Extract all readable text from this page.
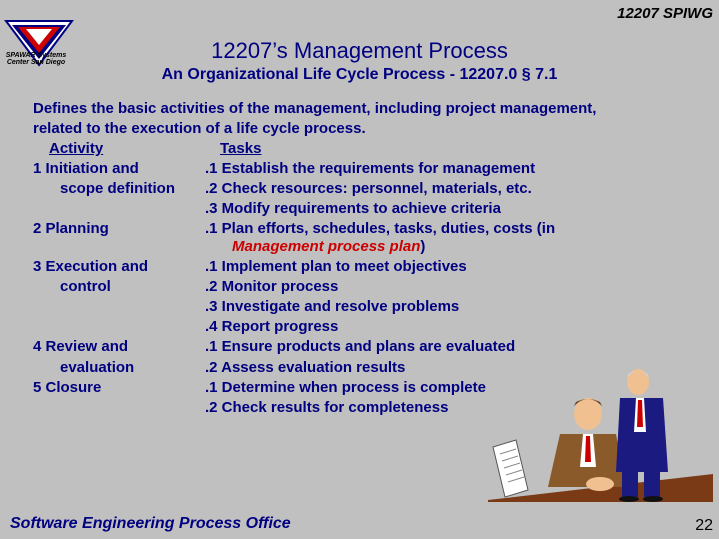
SPAWAR Systems Center San Diego
12207 SPIWG
12207’s Management Process
An Organizational Life Cycle Process - 12207.0 § 7.1
Defines the basic activities of the management, including project management,
related to the execution of a life cycle process.
Activity	Tasks
1 Initiation and	.1 Establish the requirements for management
scope definition .2 Check resources: personnel, materials, etc.
.3 Modify requirements to achieve criteria
2 Planning	.1 Plan efforts, schedules, tasks, duties, costs (in
Management process plan)
3 Execution and	.1 Implement plan to meet objectives
control	.2 Monitor process
.3 Investigate and resolve problems
.4 Report progress
4 Review and	.1 Ensure products and plans are evaluated
evaluation	.2 Assess evaluation results
5 Closure	.1 Determine when process is complete
.2 Check results for completeness
Software Engineering Process Office	22
